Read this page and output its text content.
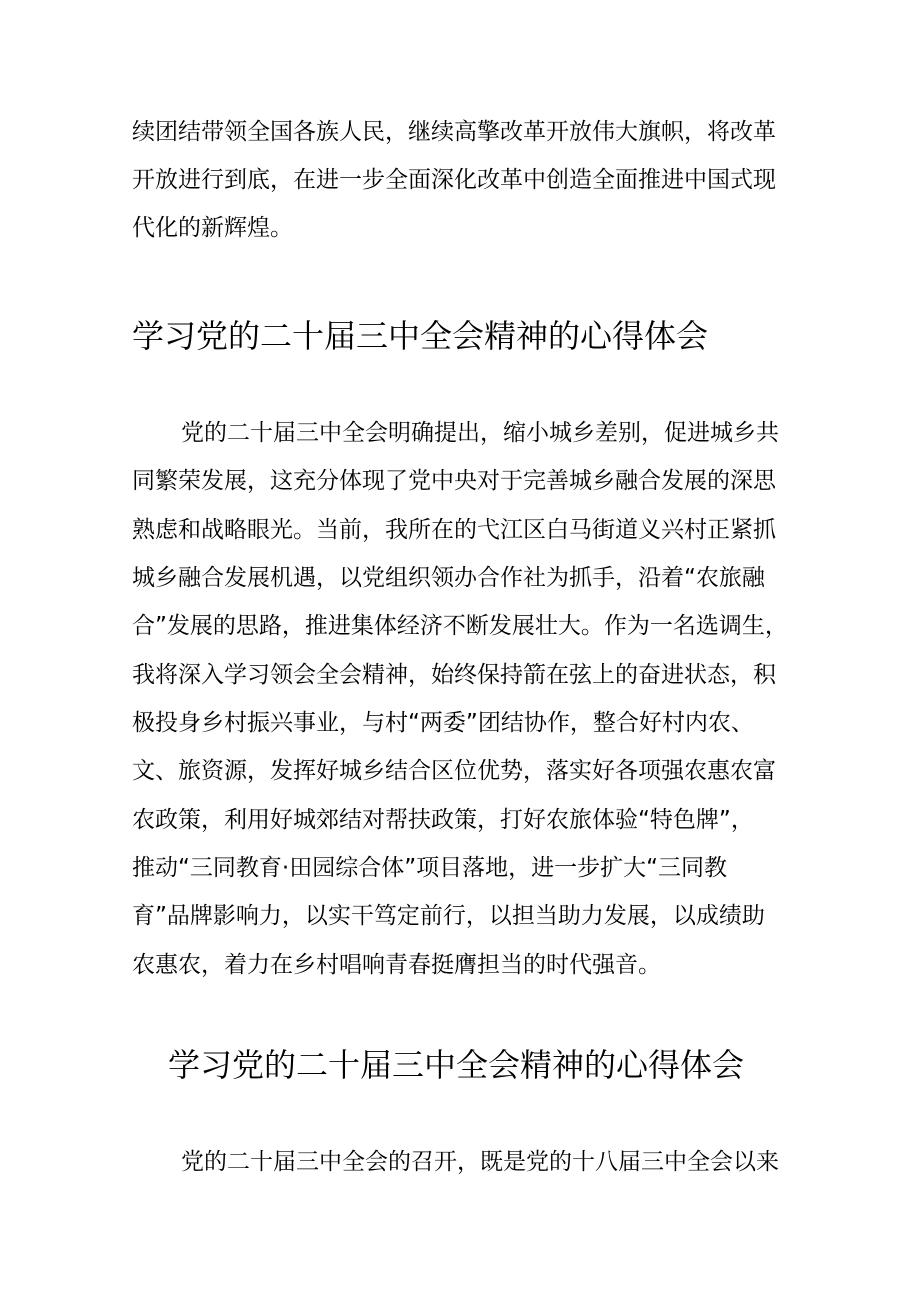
续团结带领全国各族人民，继续高擎改革开放伟大旗帜，将改革

开放进行到底，在进一步全面深化改革中创造全面推进中国式现

代化的新辉煌。

学习党的二十届三中全会精神的心得体会

党的二十届三中全会明确提出，缩小城乡差别，促进城乡共

同繁荣发展，这充分体现了党中央对于完善城乡融合发展的深思

熟虑和战略眼光。当前，我所在的弋江区白马街道义兴村正紧抓

城乡融合发展机遇，以党组织领办合作社为抓手，沿着“农旅融

合”发展的思路，推进集体经济不断发展壮大。作为一名选调生，

我将深入学习领会全会精神，始终保持箭在弦上的奋进状态，积

极投身乡村振兴事业，与村“两委”团结协作，整合好村内农、

文、旅资源，发挥好城乡结合区位优势，落实好各项强农惠农富

农政策，利用好城郊结对帮扶政策，打好农旅体验“特色牌”，

推动“三同教育·田园综合体”项目落地，进一步扩大“三同教

育”品牌影响力，以实干笃定前行，以担当助力发展，以成绩助

农惠农，着力在乡村唱响青春挺膺担当的时代强音。

学习党的二十届三中全会精神的心得体会

党的二十届三中全会的召开，既是党的十八届三中全会以来
